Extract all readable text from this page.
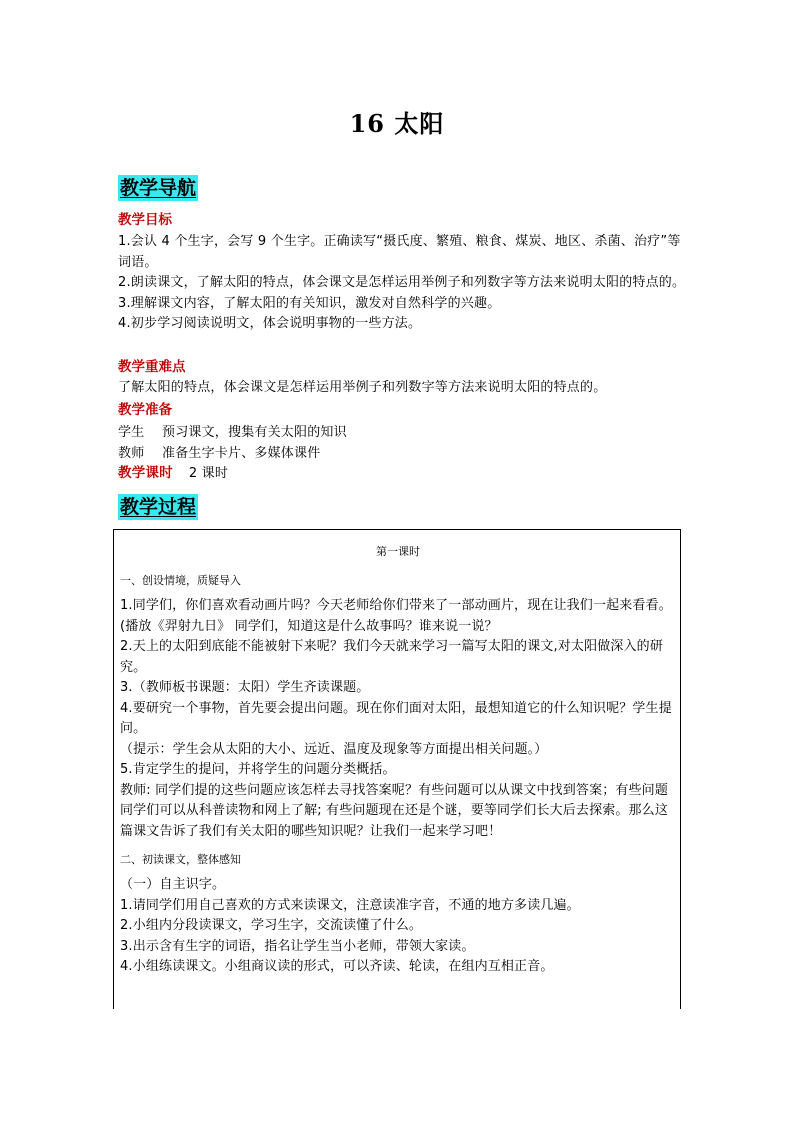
16 太阳
教学导航
教学目标

1.会认 4 个生字，会写 9 个生字。正确读写“摄氏度、繁殖、粮食、煤炭、地区、杀菌、治疗”等词语。

2.朗读课文，了解太阳的特点，体会课文是怎样运用举例子和列数字等方法来说明太阳的特点的。

3.理解课文内容，了解太阳的有关知识，激发对自然科学的兴趣。

4.初步学习阅读说明文，体会说明事物的一些方法。

教学重难点

了解太阳的特点，体会课文是怎样运用举例子和列数字等方法来说明太阳的特点的。

教学准备

学生 预习课文，搜集有关太阳的知识

教师 准备生字卡片、多媒体课件

教学课时 2 课时
教学过程
第一课时
一、创设情境，质疑导入

1.同学们，你们喜欢看动画片吗？今天老师给你们带来了一部动画片，现在让我们一起来看看。(播放《羿射九日》 同学们，知道这是什么故事吗？谁来说一说？

2.天上的太阳到底能不能被射下来呢？我们今天就来学习一篇写太阳的课文,对太阳做深入的研究。

3.（教师板书课题：太阳）学生齐读课题。

4.要研究一个事物，首先要会提出问题。现在你们面对太阳，最想知道它的什么知识呢？学生提问。

（提示：学生会从太阳的大小、远近、温度及现象等方面提出相关问题。）

5.肯定学生的提问，并将学生的问题分类概括。

教师: 同学们提的这些问题应该怎样去寻找答案呢？有些问题可以从课文中找到答案；有些问题同学们可以从科普读物和网上了解; 有些问题现在还是个谜，要等同学们长大后去探索。那么这篇课文告诉了我们有关太阳的哪些知识呢？让我们一起来学习吧！

二、初读课文，整体感知

（一）自主识字。

1.请同学们用自己喜欢的方式来读课文，注意读准字音，不通的地方多读几遍。

2.小组内分段读课文，学习生字，交流读懂了什么。

3.出示含有生字的词语，指名让学生当小老师，带领大家读。

4.小组练读课文。小组商议读的形式，可以齐读、轮读，在组内互相正音。
